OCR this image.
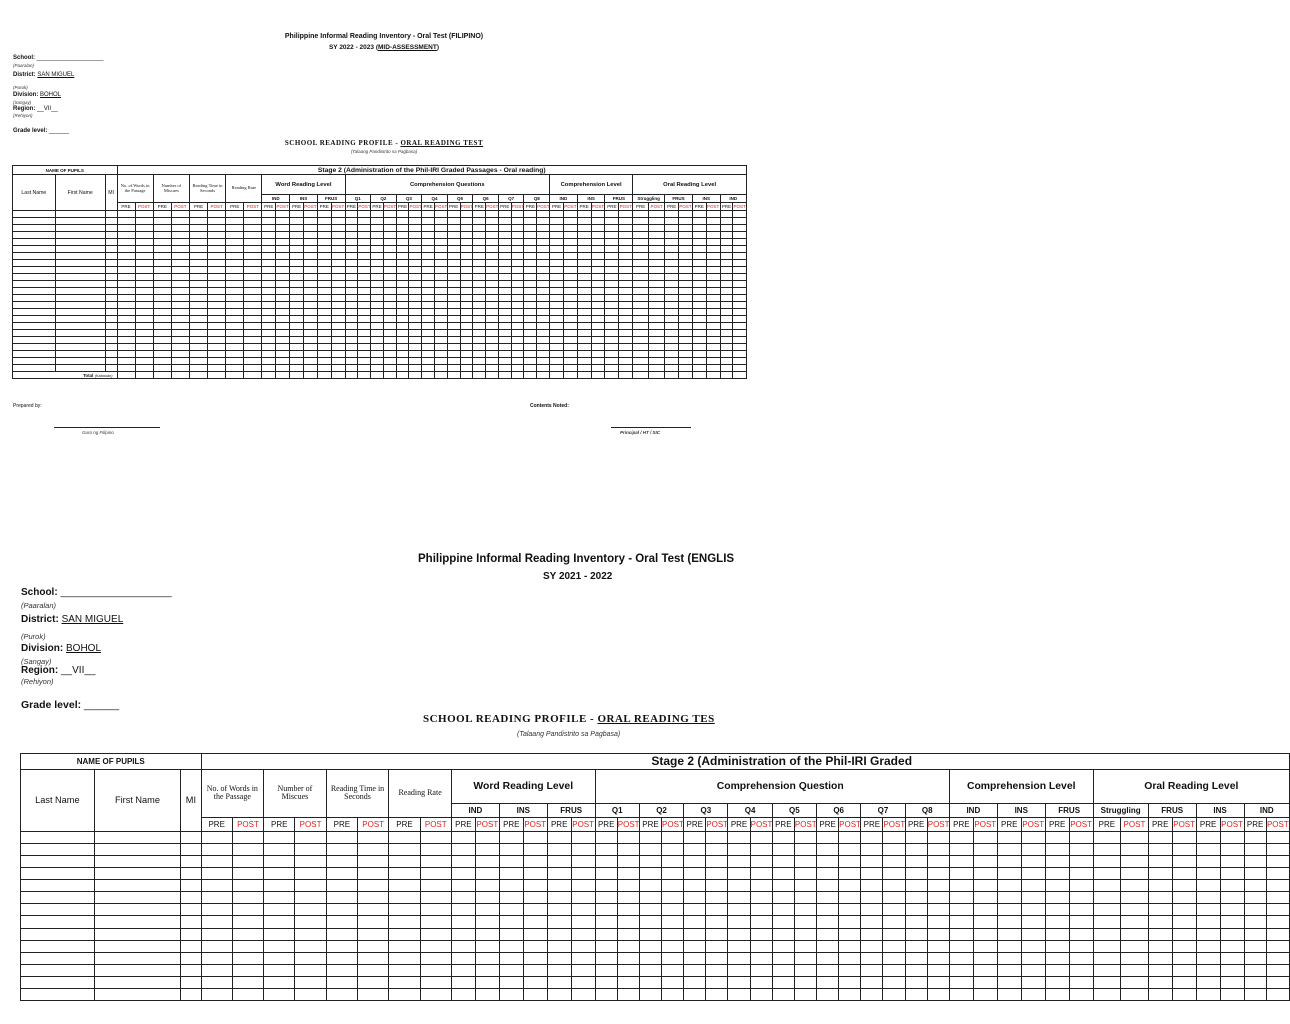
Philippine Informal Reading Inventory - Oral Test (FILIPINO)
SY 2022 - 2023 (MID-ASSESSMENT)
School: ____________________
(Paaralan)
District: SAN MIGUEL
(Purok)
Division: BOHOL
(Sangay)
Region: __VII__
(Rehiyon)
Grade level: ______
SCHOOL READING PROFILE - ORAL READING TEST
(Talaang Pandistrito sa Pagbasa)
NAME OF PUPILS			Stage 2 (Administration of the Phil-IRI Graded Passages - Oral reading)																																											
Last Name	First Name	MI	No. of Words in the Passage		Number of Miscues		Reading Time in Seconds		Reading Rate		Word Reading Level						Comprehension Questions																Comprehension Level						Oral Reading Level							
											IND		INS		FRUS		Q1		Q2		Q3		Q4		Q5		Q6		Q7		Q8		IND		INS		FRUS		Struggling		FRUS		INS		IND	
			PRE	POST	PRE	POST	PRE	POST	PRE	POST	PRE	POST	PRE	POST	PRE	POST	PRE	POST	PRE	POST	PRE	POST	PRE	POST	PRE	POST	PRE	POST	PRE	POST	PRE	POST	PRE	POST	PRE	POST	PRE	POST	PRE	POST	PRE	POST	PRE	POST	PRE	POST

Total (Kabuuan)																																														
Prepared by:
Guro ng Filipino
Contents Noted:
Principal / HT / SIC
Philippine Informal Reading Inventory - Oral Test (ENGLIS
SY 2021 - 2022
School: ____________________
(Paaralan)
District: SAN MIGUEL
(Purok)
Division: BOHOL
(Sangay)
Region: __VII__
(Rehiyon)
Grade level: ______
SCHOOL READING PROFILE - ORAL READING TES
(Talaang Pandistrito sa Pagbasa)
NAME OF PUPILS			Stage 2 (Administration of the Phil-IRI Graded																																											
Last Name	First Name	MI	No. of Words in the Passage		Number of Miscues		Reading Time in Seconds		Reading Rate		Word Reading Level						Comprehension Question																Comprehension Level						Oral Reading Level							
											IND		INS		FRUS		Q1		Q2		Q3		Q4		Q5		Q6		Q7		Q8		IND		INS		FRUS		Struggling		FRUS		INS		IND	
			PRE	POST	PRE	POST	PRE	POST	PRE	POST	PRE	POST	PRE	POST	PRE	POST	PRE	POST	PRE	POST	PRE	POST	PRE	POST	PRE	POST	PRE	POST	PRE	POST	PRE	POST	PRE	POST	PRE	POST	PRE	POST	PRE	POST	PRE	POST	PRE	POST	PRE	POST
